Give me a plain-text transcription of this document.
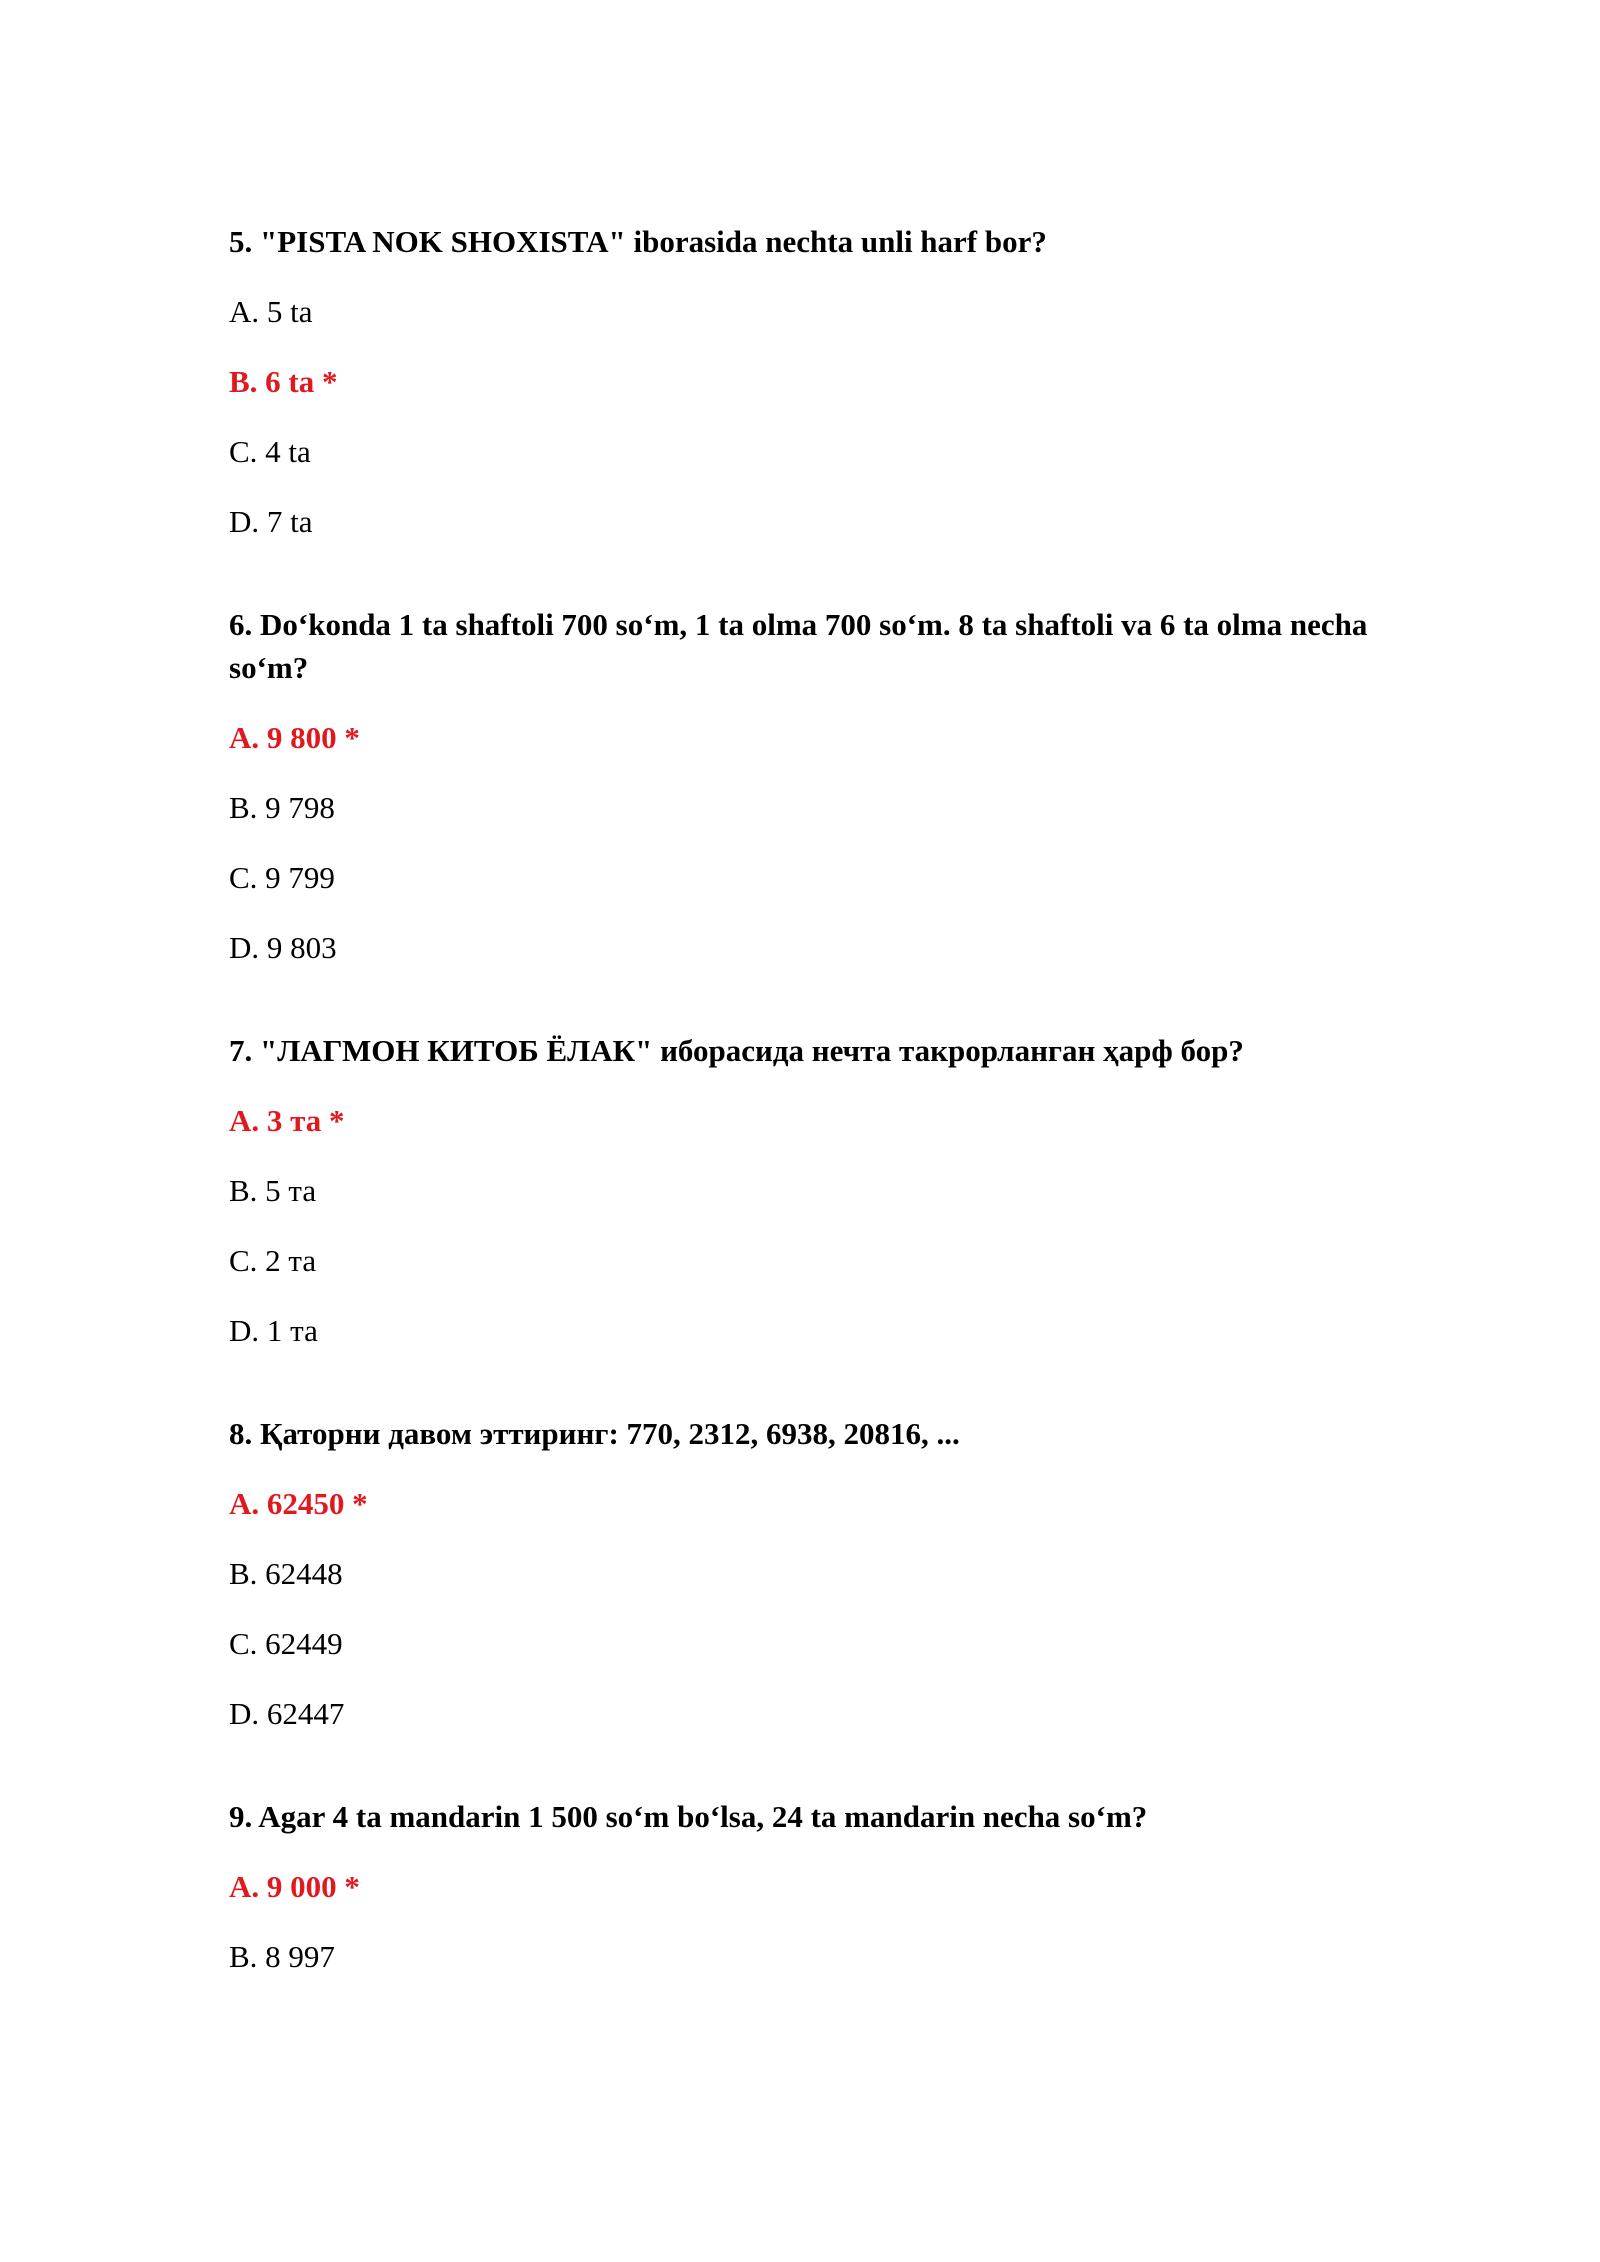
5. "PISTA NOK SHOXISTA" iborasida nechta unli harf bor?
A. 5 ta
B. 6 ta *
C. 4 ta
D. 7 ta
6. Do‘konda 1 ta shaftoli 700 so‘m, 1 ta olma 700 so‘m. 8 ta shaftoli va 6 ta olma necha so‘m?
A. 9 800 *
B. 9 798
C. 9 799
D. 9 803
7. "ЛАГМОН КИТОБ ЁЛАК" иборасида нечта такрорланган ҳарф бор?
A. 3 та *
B. 5 та
C. 2 та
D. 1 та
8. Қаторни давом эттиринг: 770, 2312, 6938, 20816, ...
A. 62450 *
B. 62448
C. 62449
D. 62447
9. Agar 4 ta mandarin 1 500 so‘m bo‘lsa, 24 ta mandarin necha so‘m?
A. 9 000 *
B. 8 997
